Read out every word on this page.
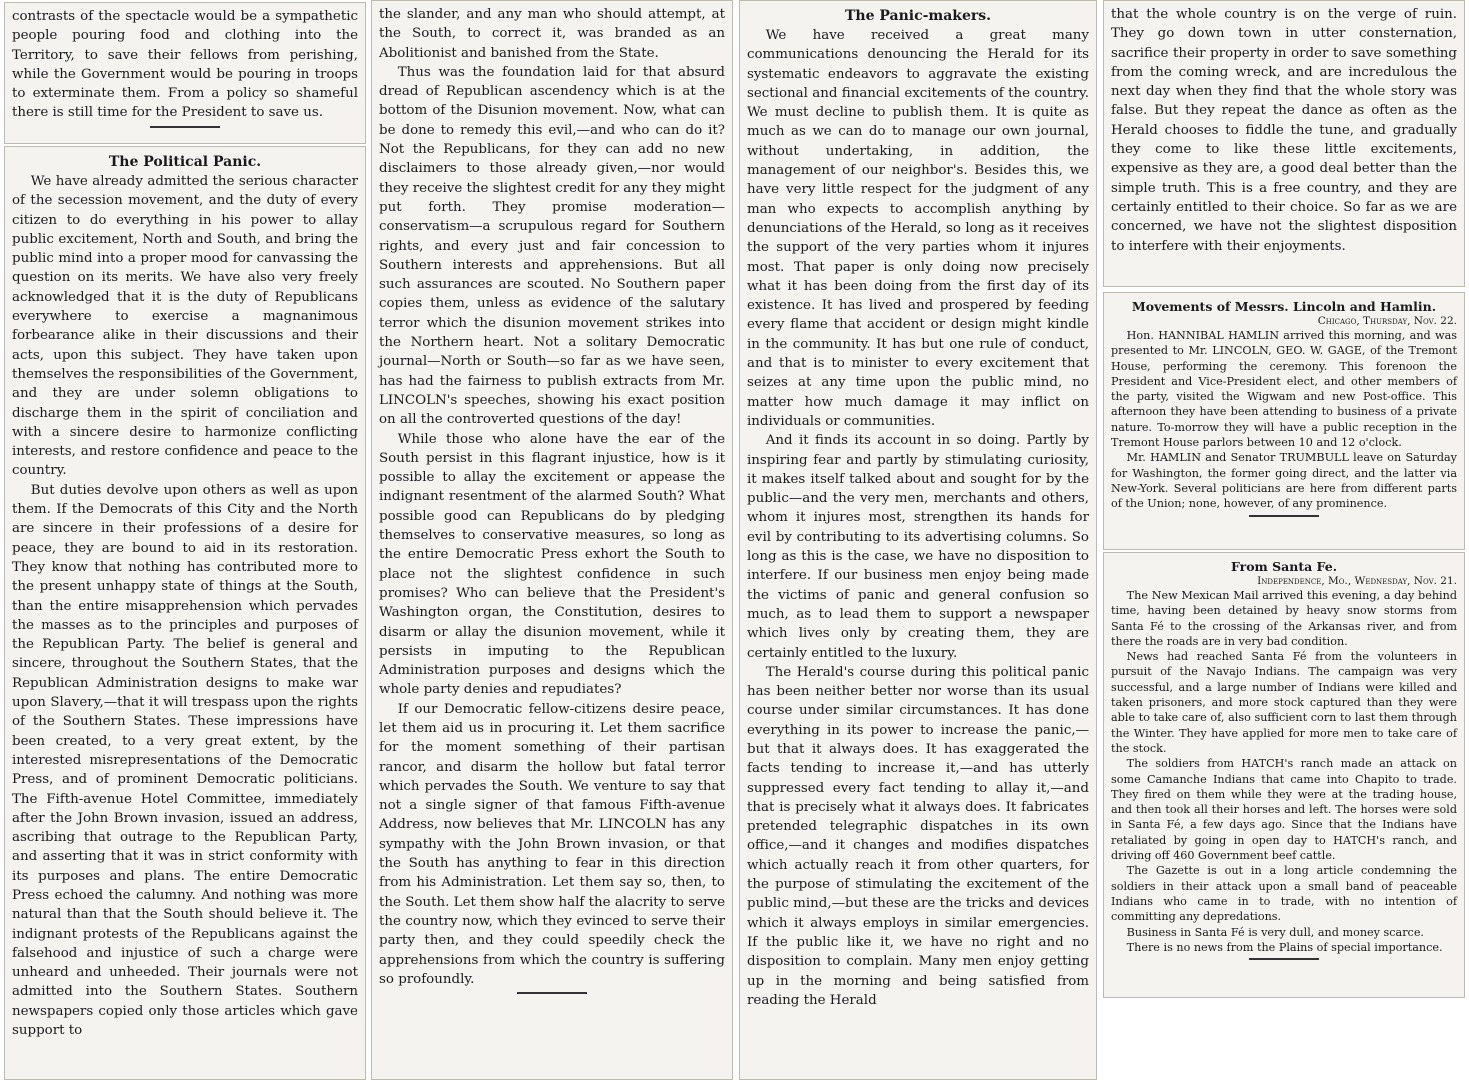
contrasts of the spectacle would be a sympathetic people pouring food and clothing into the Territory, to save their fellows from perishing, while the Government would be pouring in troops to exterminate them. From a policy so shameful there is still time for the President to save us.

The Political Panic.

We have already admitted the serious character of the secession movement, and the duty of every citizen to do everything in his power to allay public excitement, North and South, and bring the public mind into a proper mood for canvassing the question on its merits. We have also very freely acknowledged that it is the duty of Republicans everywhere to exercise a magnanimous forbearance alike in their discussions and their acts, upon this subject. They have taken upon themselves the responsibilities of the Government, and they are under solemn obligations to discharge them in the spirit of conciliation and with a sincere desire to harmonize conflicting interests, and restore confidence and peace to the country.

But duties devolve upon others as well as upon them. If the Democrats of this City and the North are sincere in their professions of a desire for peace, they are bound to aid in its restoration. They know that nothing has contributed more to the present unhappy state of things at the South, than the entire misapprehension which pervades the masses as to the principles and purposes of the Republican Party. The belief is general and sincere, throughout the Southern States, that the Republican Administration designs to make war upon Slavery,—that it will trespass upon the rights of the Southern States. These impressions have been created, to a very great extent, by the interested misrepresentations of the Democratic Press, and of prominent Democratic politicians. The Fifth-avenue Hotel Committee, immediately after the John Brown invasion, issued an address, ascribing that outrage to the Republican Party, and asserting that it was in strict conformity with its purposes and plans. The entire Democratic Press echoed the calumny. And nothing was more natural than that the South should believe it. The indignant protests of the Republicans against the falsehood and injustice of such a charge were unheard and unheeded. Their journals were not admitted into the Southern States. Southern newspapers copied only those articles which gave support to

the slander, and any man who should attempt, at the South, to correct it, was branded as an Abolitionist and banished from the State.

Thus was the foundation laid for that absurd dread of Republican ascendency which is at the bottom of the Disunion movement. Now, what can be done to remedy this evil,—and who can do it? Not the Republicans, for they can add no new disclaimers to those already given,—nor would they receive the slightest credit for any they might put forth. They promise moderation—conservatism—a scrupulous regard for Southern rights, and every just and fair concession to Southern interests and apprehensions. But all such assurances are scouted. No Southern paper copies them, unless as evidence of the salutary terror which the disunion movement strikes into the Northern heart. Not a solitary Democratic journal—North or South—so far as we have seen, has had the fairness to publish extracts from Mr. LINCOLN's speeches, showing his exact position on all the controverted questions of the day!

While those who alone have the ear of the South persist in this flagrant injustice, how is it possible to allay the excitement or appease the indignant resentment of the alarmed South? What possible good can Republicans do by pledging themselves to conservative measures, so long as the entire Democratic Press exhort the South to place not the slightest confidence in such promises? Who can believe that the President's Washington organ, the Constitution, desires to disarm or allay the disunion movement, while it persists in imputing to the Republican Administration purposes and designs which the whole party denies and repudiates?

If our Democratic fellow-citizens desire peace, let them aid us in procuring it. Let them sacrifice for the moment something of their partisan rancor, and disarm the hollow but fatal terror which pervades the South. We venture to say that not a single signer of that famous Fifth-avenue Address, now believes that Mr. LINCOLN has any sympathy with the John Brown invasion, or that the South has anything to fear in this direction from his Administration. Let them say so, then, to the South. Let them show half the alacrity to serve the country now, which they evinced to serve their party then, and they could speedily check the apprehensions from which the country is suffering so profoundly.

The Panic-makers.

We have received a great many communications denouncing the Herald for its systematic endeavors to aggravate the existing sectional and financial excitements of the country. We must decline to publish them. It is quite as much as we can do to manage our own journal, without undertaking, in addition, the management of our neighbor's. Besides this, we have very little respect for the judgment of any man who expects to accomplish anything by denunciations of the Herald, so long as it receives the support of the very parties whom it injures most. That paper is only doing now precisely what it has been doing from the first day of its existence. It has lived and prospered by feeding every flame that accident or design might kindle in the community. It has but one rule of conduct, and that is to minister to every excitement that seizes at any time upon the public mind, no matter how much damage it may inflict on individuals or communities.

And it finds its account in so doing. Partly by inspiring fear and partly by stimulating curiosity, it makes itself talked about and sought for by the public—and the very men, merchants and others, whom it injures most, strengthen its hands for evil by contributing to its advertising columns. So long as this is the case, we have no disposition to interfere. If our business men enjoy being made the victims of panic and general confusion so much, as to lead them to support a newspaper which lives only by creating them, they are certainly entitled to the luxury.

The Herald's course during this political panic has been neither better nor worse than its usual course under similar circumstances. It has done everything in its power to increase the panic,—but that it always does. It has exaggerated the facts tending to increase it,—and has utterly suppressed every fact tending to allay it,—and that is precisely what it always does. It fabricates pretended telegraphic dispatches in its own office,—and it changes and modifies dispatches which actually reach it from other quarters, for the purpose of stimulating the excitement of the public mind,—but these are the tricks and devices which it always employs in similar emergencies. If the public like it, we have no right and no disposition to complain. Many men enjoy getting up in the morning and being satisfied from reading the Herald

that the whole country is on the verge of ruin. They go down town in utter consternation, sacrifice their property in order to save something from the coming wreck, and are incredulous the next day when they find that the whole story was false. But they repeat the dance as often as the Herald chooses to fiddle the tune, and gradually they come to like these little excitements, expensive as they are, a good deal better than the simple truth. This is a free country, and they are certainly entitled to their choice. So far as we are concerned, we have not the slightest disposition to interfere with their enjoyments.

Movements of Messrs. Lincoln and Hamlin.

Chicago, Thursday, Nov. 22.

Hon. HANNIBAL HAMLIN arrived this morning, and was presented to Mr. LINCOLN, GEO. W. GAGE, of the Tremont House, performing the ceremony. This forenoon the President and Vice-President elect, and other members of the party, visited the Wigwam and new Post-office. This afternoon they have been attending to business of a private nature. To-morrow they will have a public reception in the Tremont House parlors between 10 and 12 o'clock.

Mr. HAMLIN and Senator TRUMBULL leave on Saturday for Washington, the former going direct, and the latter via New-York. Several politicians are here from different parts of the Union; none, however, of any prominence.

From Santa Fe.

Independence, Mo., Wednesday, Nov. 21.

The New Mexican Mail arrived this evening, a day behind time, having been detained by heavy snow storms from Santa Fé to the crossing of the Arkansas river, and from there the roads are in very bad condition.

News had reached Santa Fé from the volunteers in pursuit of the Navajo Indians. The campaign was very successful, and a large number of Indians were killed and taken prisoners, and more stock captured than they were able to take care of, also sufficient corn to last them through the Winter. They have applied for more men to take care of the stock.

The soldiers from HATCH's ranch made an attack on some Camanche Indians that came into Chapito to trade. They fired on them while they were at the trading house, and then took all their horses and left. The horses were sold in Santa Fé, a few days ago. Since that the Indians have retaliated by going in open day to HATCH's ranch, and driving off 460 Government beef cattle.

The Gazette is out in a long article condemning the soldiers in their attack upon a small band of peaceable Indians who came in to trade, with no intention of committing any depredations.

Business in Santa Fé is very dull, and money scarce.

There is no news from the Plains of special importance.
